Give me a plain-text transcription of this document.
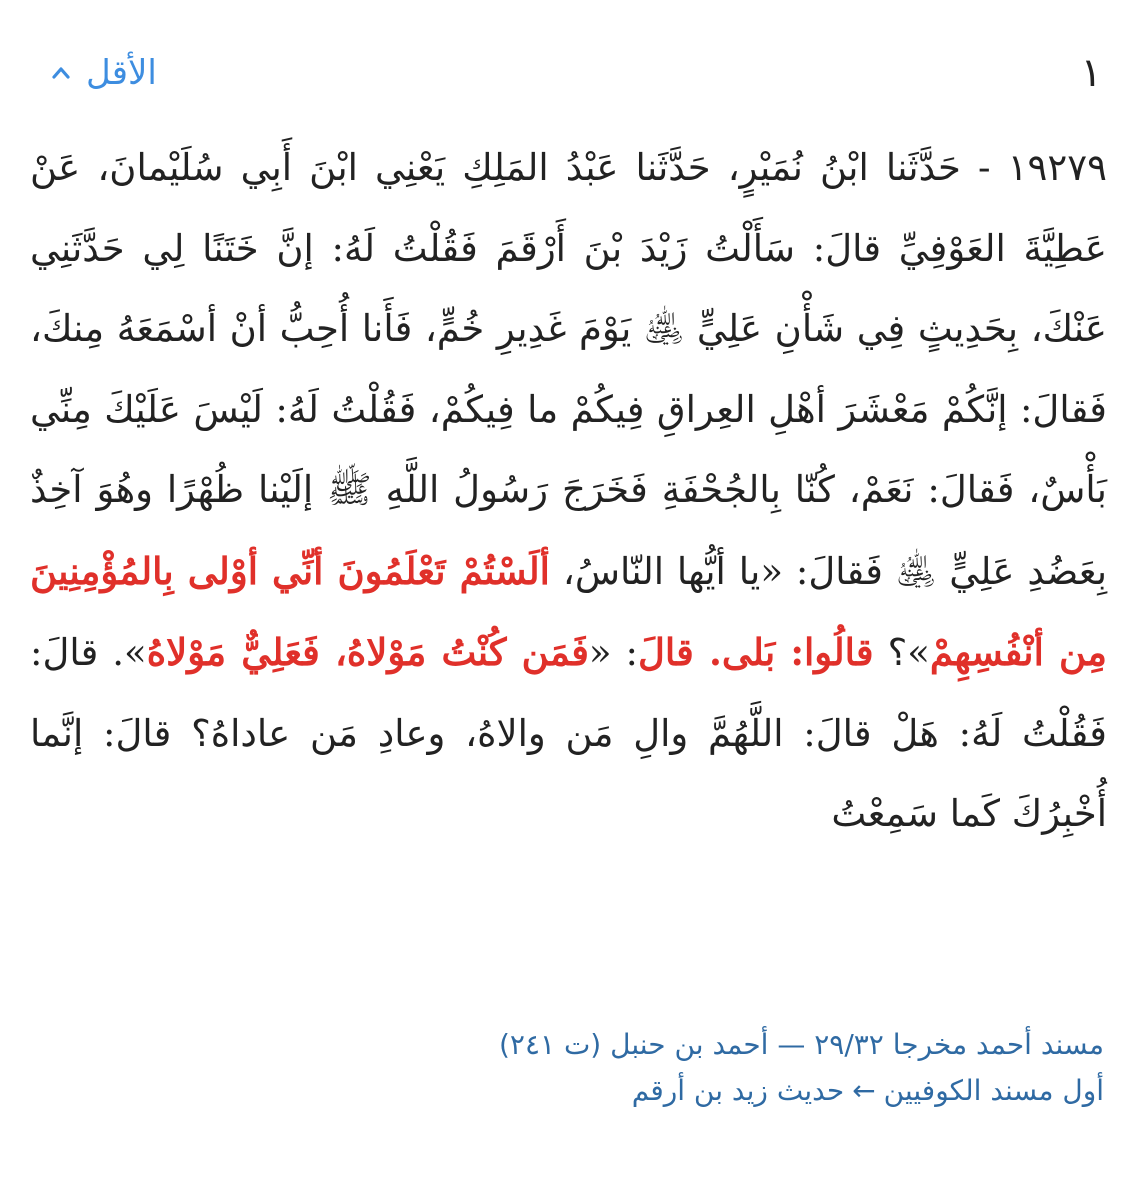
١
الأقل
١٩٢٧٩ - حَدَّثَنا ابْنُ نُمَيْرٍ، حَدَّثَنا عَبْدُ المَلِكِ يَعْنِي ابْنَ أَبِي سُلَيْمانَ، عَنْ عَطِيَّةَ العَوْفِيِّ قالَ: سَأَلْتُ زَيْدَ بْنَ أَرْقَمَ فَقُلْتُ لَهُ: إنَّ خَتَنًا لِي حَدَّثَنِي عَنْكَ، بِحَدِيثٍ فِي شَأْنِ عَلِيٍّ ﵁ يَوْمَ غَدِيرِ خُمٍّ، فَأَنا أُحِبُّ أنْ أسْمَعَهُ مِنكَ، فَقالَ: إنَّكُمْ مَعْشَرَ أهْلِ العِراقِ فِيكُمْ ما فِيكُمْ، فَقُلْتُ لَهُ: لَيْسَ عَلَيْكَ مِنِّي بَأْسٌ، فَقالَ: نَعَمْ، كُنّا بِالجُحْفَةِ فَخَرَجَ رَسُولُ اللَّهِ ﷺ إلَيْنا ظُهْرًا وهُوَ آخِذٌ بِعَضُدِ عَلِيٍّ ﵁ فَقالَ: «يا أيُّها النّاسُ، ألَسْتُمْ تَعْلَمُونَ أنِّي أوْلى بِالمُؤْمِنِينَ مِن أنْفُسِهِمْ»؟ قالُوا: بَلى. قالَ: «فَمَن كُنْتُ مَوْلاهُ، فَعَلِيٌّ مَوْلاهُ». قالَ: فَقُلْتُ لَهُ: هَلْ قالَ: اللَّهُمَّ والِ مَن والاهُ، وعادِ مَن عاداهُ؟ قالَ: إنَّما أُخْبِرُكَ كَما سَمِعْتُ
مسند أحمد مخرجا ٢٩/٣٢ — أحمد بن حنبل (ت ٢٤١)
أول مسند الكوفيين←حديث زيد بن أرقم
